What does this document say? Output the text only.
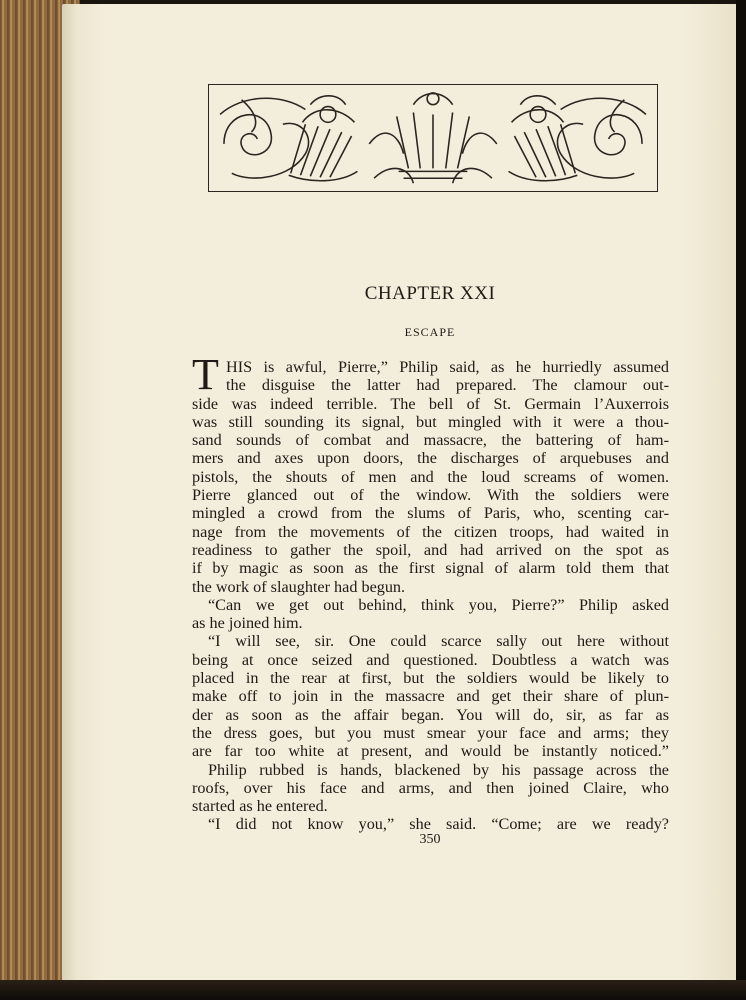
CHAPTER XXI
ESCAPE
T HIS is awful, Pierre,” Philip said, as he hurriedly assumed
the disguise the latter had prepared. The clamour out-
side was indeed terrible. The bell of St. Germain l’Auxerrois
was still sounding its signal, but mingled with it were a thou-
sand sounds of combat and massacre, the battering of ham-
mers and axes upon doors, the discharges of arquebuses and
pistols, the shouts of men and the loud screams of women.
Pierre glanced out of the window. With the soldiers were
mingled a crowd from the slums of Paris, who, scenting car-
nage from the movements of the citizen troops, had waited in
readiness to gather the spoil, and had arrived on the spot as
if by magic as soon as the first signal of alarm told them that
the work of slaughter had begun.
“Can we get out behind, think you, Pierre?” Philip asked
as he joined him.
“I will see, sir. One could scarce sally out here without
being at once seized and questioned. Doubtless a watch was
placed in the rear at first, but the soldiers would be likely to
make off to join in the massacre and get their share of plun-
der as soon as the affair began. You will do, sir, as far as
the dress goes, but you must smear your face and arms; they
are far too white at present, and would be instantly noticed.”
Philip rubbed is hands, blackened by his passage across the
roofs, over his face and arms, and then joined Claire, who
started as he entered.
“I did not know you,” she said. “Come; are we ready?
350
